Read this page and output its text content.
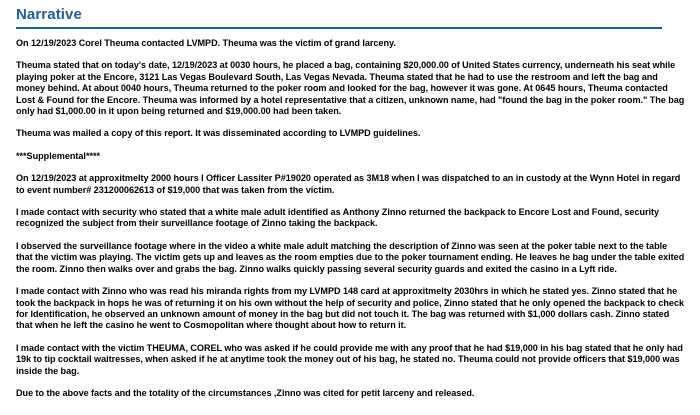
Narrative

On 12/19/2023 Corel Theuma contacted LVMPD. Theuma was the victim of grand larceny.

Theuma stated that on today's date, 12/19/2023 at 0030 hours, he placed a bag, containing $20,000.00 of United States currency, underneath his seat while playing poker at the Encore, 3121 Las Vegas Boulevard South, Las Vegas Nevada. Theuma stated that he had to use the restroom and left the bag and money behind. At about 0040 hours, Theuma returned to the poker room and looked for the bag, however it was gone. At 0645 hours, Theuma contacted Lost & Found for the Encore. Theuma was informed by a hotel representative that a citizen, unknown name, had "found the bag in the poker room." The bag only had $1,000.00 in it upon being returned and $19,000.00 had been taken.

Theuma was mailed a copy of this report. It was disseminated according to LVMPD guidelines.

***Supplemental****

On 12/19/2023 at approxitmelty 2000 hours I Officer Lassiter P#19020 operated as 3M18 when I was dispatched to an in custody at the Wynn Hotel in regard to event number# 231200062613 of $19,000 that was taken from the victim.

I made contact with security who stated that a white male adult identified as Anthony Zinno returned the backpack to Encore Lost and Found, security recognized the subject from their surveillance footage of Zinno taking the backpack.

I observed the surveillance footage where in the video a white male adult matching the description of Zinno was seen at the poker table next to the table that the victim was playing. The victim gets up and leaves as the room empties due to the poker tournament ending. He leaves he bag under the table exited the room. Zinno then walks over and grabs the bag. Zinno walks quickly passing several security guards and exited the casino in a Lyft ride.

I made contact with Zinno who was read his miranda rights from my LVMPD 148 card at approxitmelty 2030hrs in which he stated yes. Zinno stated that he took the backpack in hops he was of returning it on his own without the help of security and police, Zinno stated that he only opened the backpack to check for Identification, he observed an unknown amount of money in the bag but did not touch it. The bag was returned with $1,000 dollars cash. Zinno stated that when he left the casino he went to Cosmopolitan where thought about how to return it.

I made contact with the victim THEUMA, COREL who was asked if he could provide me with any proof that he had $19,000 in his bag stated that he only had 19k to tip cocktail waitresses, when asked if he at anytime took the money out of his bag, he stated no. Theuma could not provide officers that $19,000 was inside the bag.

Due to the above facts and the totality of the circumstances ,Zinno was cited for petit larceny and released.
